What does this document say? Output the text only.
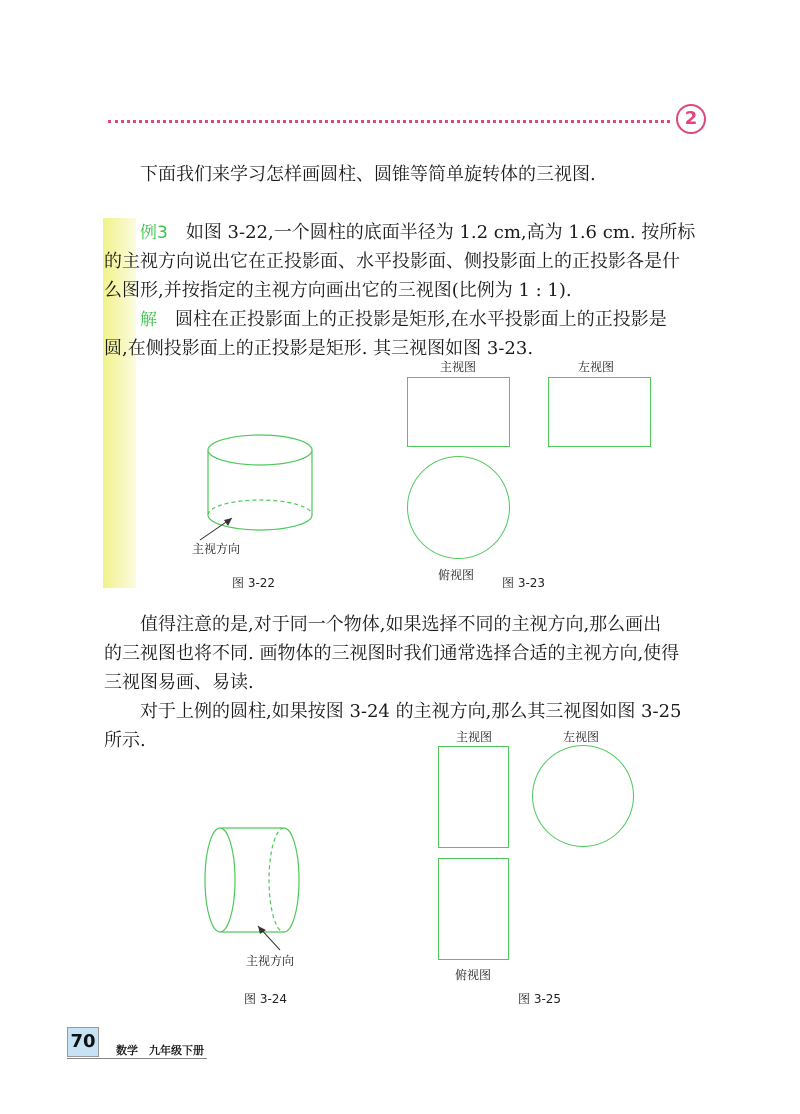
2

下面我们来学习怎样画圆柱、圆锥等简单旋转体的三视图.

例3　 如图 3-22,一个圆柱的底面半径为 1.2 cm,高为 1.6 cm. 按所标

的主视方向说出它在正投影面、水平投影面、侧投影面上的正投影各是什

么图形,并按指定的主视方向画出它的三视图(比例为 1 : 1).

解　 圆柱在正投影面上的正投影是矩形,在水平投影面上的正投影是

圆,在侧投影面上的正投影是矩形. 其三视图如图 3-23.

主视方向
图 3-22
主视图	左视图
俯视图
图 3-23

值得注意的是,对于同一个物体,如果选择不同的主视方向,那么画出

的三视图也将不同. 画物体的三视图时我们通常选择合适的主视方向,使得

三视图易画、易读.

对于上例的圆柱,如果按图 3-24 的主视方向,那么其三视图如图 3-25

所示.

主视方向
图 3-24
主视图	左视图
俯视图
图 3-25
70	数学　九年级下册
